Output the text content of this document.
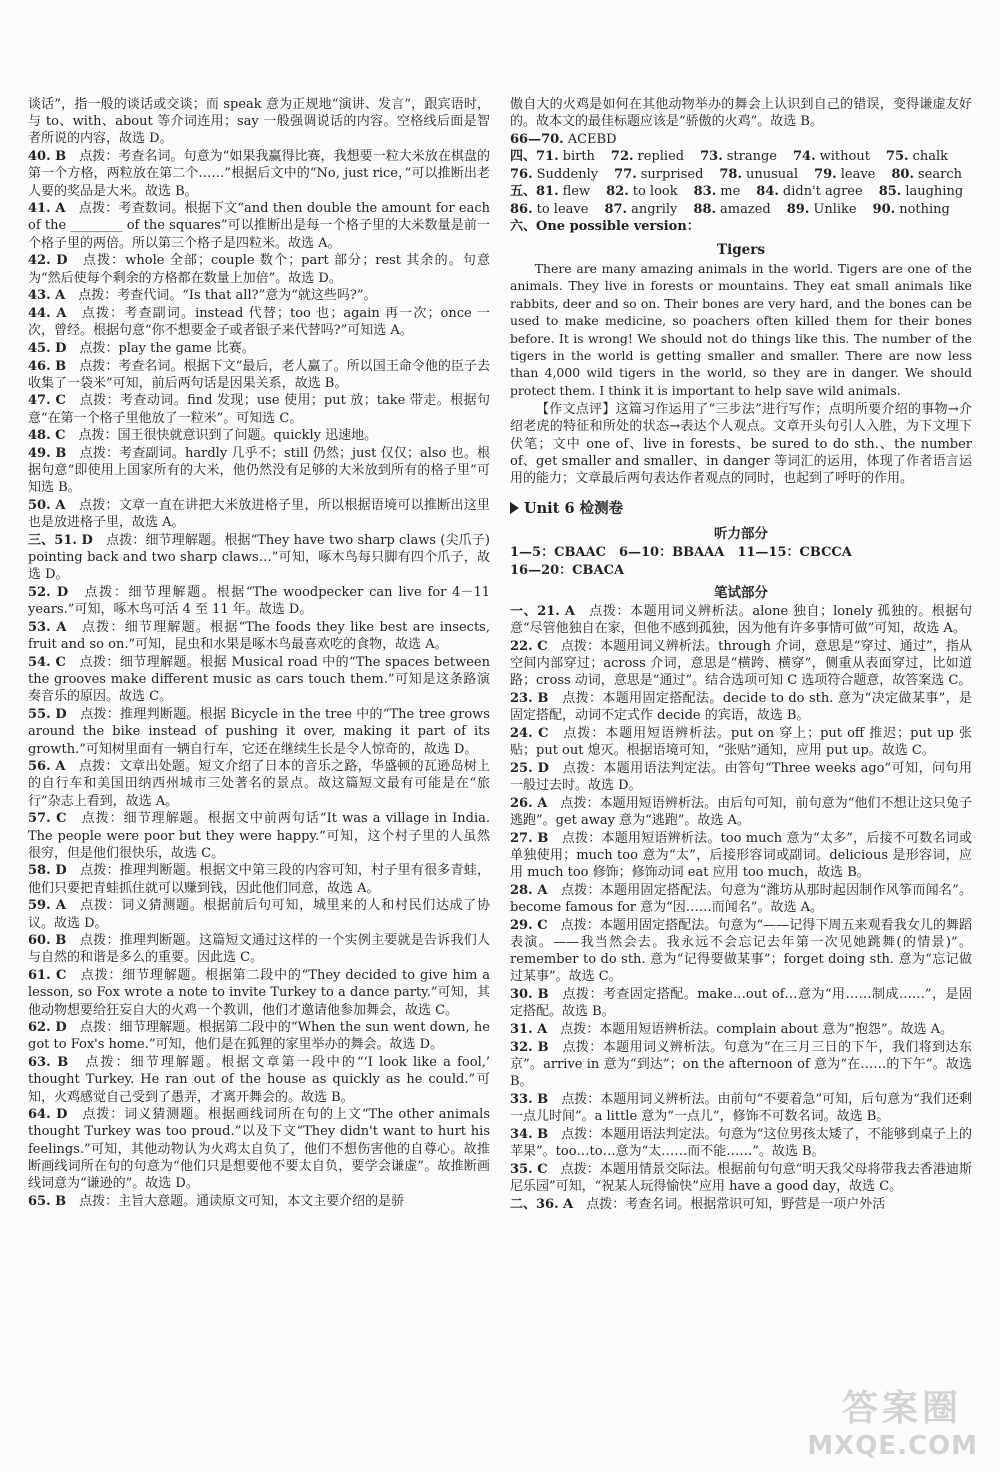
谈话”，指一般的谈话或交谈；而 speak 意为正规地“演讲、发言”，跟宾语时，与 to、with、about 等介词连用；say 一般强调说话的内容。空格线后面是智者所说的内容，故选 D。

40. B　 点拨：考查名词。句意为“如果我赢得比赛，我想要一粒大米放在棋盘的第一个方格，两粒放在第二个……”根据后文中的“No, just rice，”可以推断出老人要的奖品是大米。故选 B。

41. A　 点拨：考查数词。根据下文“and then double the amount for each of the ________ of the squares”可以推断出是每一个格子里的大米数量是前一个格子里的两倍。所以第三个格子是四粒米。故选 A。

42. D　 点拨：whole 全部；couple 数个；part 部分；rest 其余的。句意为“然后使每个剩余的方格都在数量上加倍”。故选 D。

43. A　 点拨：考查代词。“Is that all?”意为“就这些吗?”。

44. A　 点拨：考查副词。instead 代替；too 也；again 再一次；once 一次，曾经。根据句意“你不想要金子或者银子来代替吗?”可知选 A。

45. D　 点拨：play the game 比赛。

46. B　 点拨：考查名词。根据下文“最后，老人赢了。所以国王命令他的臣子去收集了一袋米”可知，前后两句话是因果关系，故选 B。

47. C　 点拨：考查动词。find 发现；use 使用；put 放；take 带走。根据句意“在第一个格子里他放了一粒米”。可知选 C。

48. C　 点拨：国王很快就意识到了问题。quickly 迅速地。

49. B　 点拨：考查副词。hardly 几乎不；still 仍然；just 仅仅；also 也。根据句意“即使用上国家所有的大米，他仍然没有足够的大米放到所有的格子里”可知选 B。

50. A　 点拨：文章一直在讲把大米放进格子里，所以根据语境可以推断出这里也是放进格子里，故选 A。

三、51. D　 点拨：细节理解题。根据“They have two sharp claws (尖爪子) pointing back and two sharp claws…”可知，啄木鸟每只脚有四个爪子，故选 D。

52. D　 点拨：细节理解题。根据“The woodpecker can live for 4－11 years.”可知，啄木鸟可活 4 至 11 年。故选 D。

53. A　 点拨：细节理解题。根据“The foods they like best are insects, fruit and so on.”可知，昆虫和水果是啄木鸟最喜欢吃的食物，故选 A。

54. C　 点拨：细节理解题。根据 Musical road 中的“The spaces between the grooves make different music as cars touch them.”可知是这条路演奏音乐的原因。故选 C。

55. D　 点拨：推理判断题。根据 Bicycle in the tree 中的“The tree grows around the bike instead of pushing it over, making it part of its growth.”可知树里面有一辆自行车，它还在继续生长是令人惊奇的，故选 D。

56. A　 点拨：文章出处题。短文介绍了日本的音乐之路，华盛顿的瓦逊岛树上的自行车和美国田纳西州城市三处著名的景点。故这篇短文最有可能是在“旅行”杂志上看到，故选 A。

57. C　 点拨：细节理解题。根据文中前两句话“It was a village in India. The people were poor but they were happy.”可知，这个村子里的人虽然很穷，但是他们很快乐，故选 C。

58. D　 点拨：推理判断题。根据文中第三段的内容可知，村子里有很多青蛙，他们只要把青蛙抓住就可以赚到钱，因此他们同意，故选 A。

59. A　 点拨：词义猜测题。根据前后句可知，城里来的人和村民们达成了协议。故选 D。

60. B　 点拨：推理判断题。这篇短文通过这样的一个实例主要就是告诉我们人与自然的和谐是多么的重要。因此选 C。

61. C　 点拨：细节理解题。根据第二段中的“They decided to give him a lesson, so Fox wrote a note to invite Turkey to a dance party.”可知，其他动物想要给狂妄自大的火鸡一个教训，他们才邀请他参加舞会，故选 C。

62. D　 点拨：细节理解题。根据第二段中的“When the sun went down, he got to Fox's home.”可知，他们是在狐狸的家里举办的舞会。故选 D。

63. B　 点拨：细节理解题。根据文章第一段中的“‘I look like a fool,’ thought Turkey. He ran out of the house as quickly as he could.”可知，火鸡感觉自己受到了愚弄，才离开舞会的。故选 B。

64. D　 点拨：词义猜测题。根据画线词所在句的上文“The other animals thought Turkey was too proud.”以及下文“They didn't want to hurt his feelings.”可知，其他动物认为火鸡太自负了，他们不想伤害他的自尊心。故推断画线词所在句的句意为“他们只是想要他不要太自负，要学会谦虚”。故推断画线词意为“谦逊的”。故选 D。

65. B　 点拨：主旨大意题。通读原文可知，本文主要介绍的是骄

傲自大的火鸡是如何在其他动物举办的舞会上认识到自己的错误，变得谦虚友好的。故本文的最佳标题应该是“骄傲的火鸡”。故选 B。

66—70. ACEBD
四、71. birth 72. replied 73. strange 74. without 75. chalk
76. Suddenly 77. surprised 78. unusual 79. leave 80. search
五、81. flew 82. to look 83. me 84. didn't agree 85. laughing
86. to leave 87. angrily 88. amazed 89. Unlike 90. nothing
六、One possible version：
Tigers

There are many amazing animals in the world. Tigers are one of the animals. They live in forests or mountains. They eat small animals like rabbits, deer and so on. Their bones are very hard, and the bones can be used to make medicine, so poachers often killed them for their bones before. It is wrong! We should not do things like this. The number of the tigers in the world is getting smaller and smaller. There are now less than 4,000 wild tigers in the world, so they are in danger. We should protect them. I think it is important to help save wild animals.

【作文点评】这篇习作运用了“三步法”进行写作；点明所要介绍的事物→介绍老虎的特征和所处的状态→表达个人观点。文章开头句引人入胜，为下文埋下伏笔；文中 one of、live in forests、be sured to do sth.、the number of、get smaller and smaller、in danger 等词汇的运用，体现了作者语言运用的能力；文章最后两句表达作者观点的同时，也起到了呼吁的作用。

Unit 6 检测卷
听力部分
1—5：CBAAC　6—10：BBAAA　11—15：CBCCA
16—20：CBACA
笔试部分

一、21. A　 点拨：本题用词义辨析法。alone 独自；lonely 孤独的。根据句意“尽管他独自在家，但他不感到孤独，因为他有许多事情可做”可知，故选 A。

22. C　 点拨：本题用词义辨析法。through 介词，意思是“穿过、通过”，指从空间内部穿过；across 介词，意思是“横跨、横穿”，侧重从表面穿过，比如道路；cross 动词，意思是“通过”。结合选项可知 C 选项符合题意，故答案选 C。

23. B　 点拨：本题用固定搭配法。decide to do sth. 意为“决定做某事”，是固定搭配，动词不定式作 decide 的宾语，故选 B。

24. C　 点拨：本题用短语辨析法。put on 穿上；put off 推迟；put up 张贴；put out 熄灭。根据语境可知，“张贴”通知，应用 put up。故选 C。

25. D　 点拨：本题用语法判定法。由答句“Three weeks ago”可知，问句用一般过去时。故选 D。

26. A　 点拨：本题用短语辨析法。由后句可知，前句意为“他们不想让这只兔子逃跑”。get away 意为“逃跑”。故选 A。

27. B　 点拨：本题用短语辨析法。too much 意为“太多”，后接不可数名词或单独使用；much too 意为“太”，后接形容词或副词。delicious 是形容词，应用 much too 修饰；修饰动词 eat 应用 too much，故选 B。

28. A　 点拨：本题用固定搭配法。句意为“潍坊从那时起因制作风筝而闻名”。become famous for 意为“因……而闻名”。故选 A。

29. C　 点拨：本题用固定搭配法。句意为“——记得下周五来观看我女儿的舞蹈表演。——我当然会去。我永远不会忘记去年第一次见她跳舞(的情景)”。remember to do sth. 意为“记得要做某事”；forget doing sth. 意为“忘记做过某事”。故选 C。

30. B　 点拨：考查固定搭配。make…out of…意为“用……制成……”，是固定搭配。故选 B。

31. A　 点拨：本题用短语辨析法。complain about 意为“抱怨”。故选 A。

32. B　 点拨：本题用词义辨析法。句意为“在三月三日的下午，我们将到达东京”。arrive in 意为“到达”；on the afternoon of 意为“在……的下午”。故选 B。

33. B　 点拨：本题用词义辨析法。由前句“不要着急”可知，后句意为“我们还剩一点儿时间”。a little 意为“一点儿”，修饰不可数名词。故选 B。

34. B　 点拨：本题用语法判定法。句意为“这位男孩太矮了，不能够到桌子上的苹果”。too…to…意为“太……而不能……”。故选 B。

35. C　 点拨：本题用情景交际法。根据前句句意“明天我父母将带我去香港迪斯尼乐园”可知，“祝某人玩得愉快”应用 have a good day，故选 C。

二、36. A　 点拨：考查名词。根据常识可知，野营是一项户外活

答案圈
MXQE.COM
